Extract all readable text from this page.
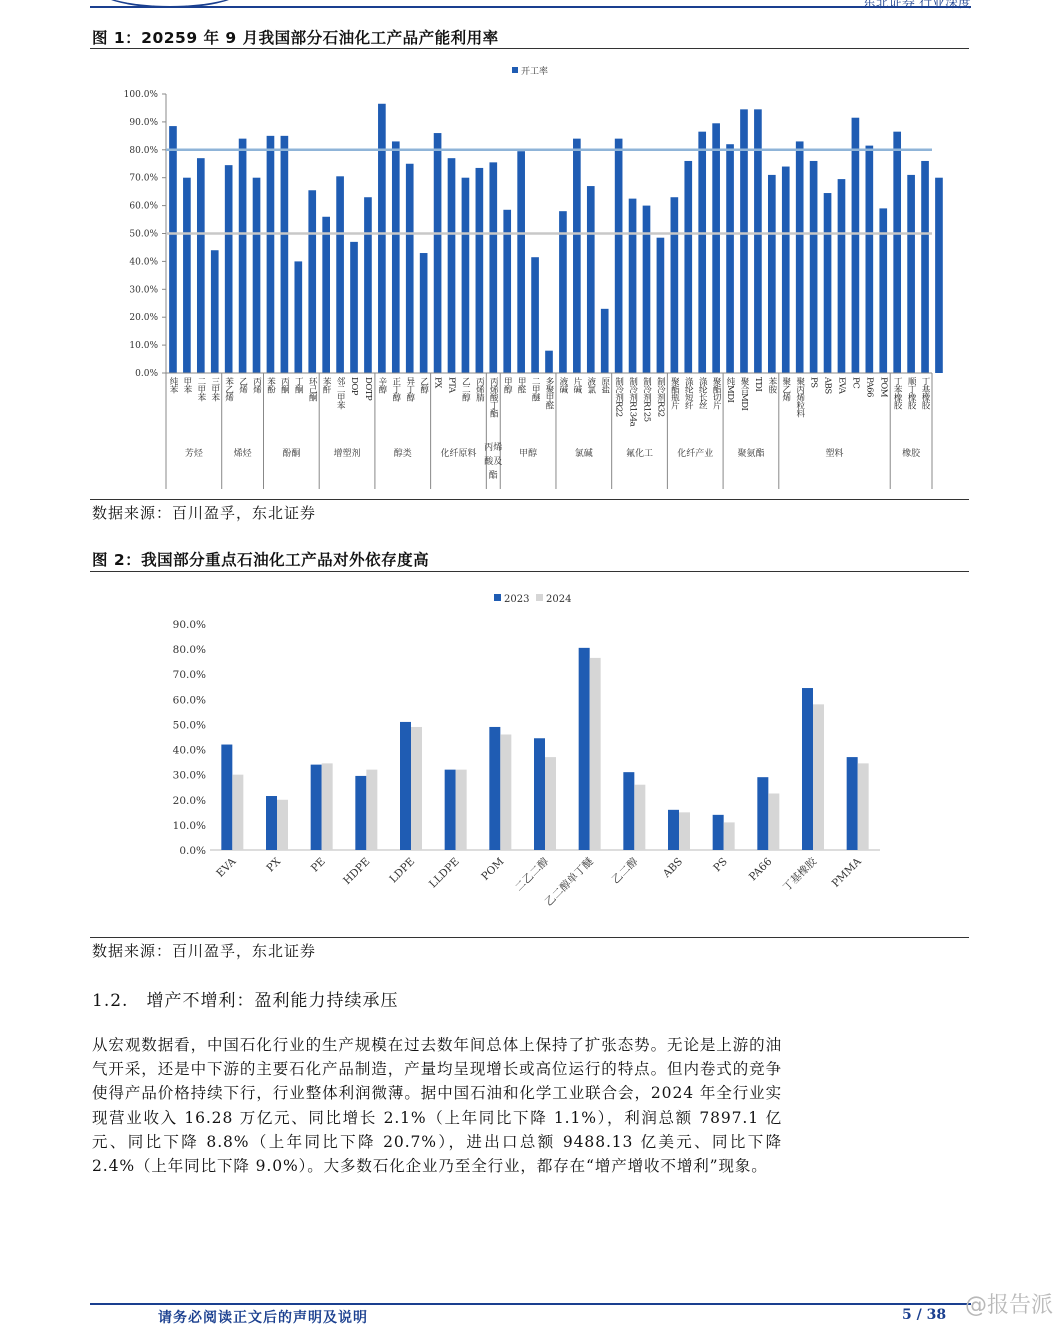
图 1：20259 年 9 月我国部分石油化工产品产能利用率
开工率
0.0%
10.0%
20.0%
30.0%
40.0%
50.0%
60.0%
70.0%
80.0%
90.0%
100.0%
纯苯 甲苯 二甲苯 三甲苯 苯乙烯 乙烯 丙烯 苯酚 丙酮 丁酮 环己酮 苯酐 邻二甲苯 DOP DOTP 辛醇 正丁醇 异丁醇 乙醇 PX PTA 乙二醇 丙烯腈 丙烯酸丁酯 甲醇 甲醛 二甲醚 多聚甲醛 液碱 片碱 液氯 原盐 制冷剂R22 制冷剂R134a 制冷剂R125 制冷剂R32 聚酯瓶片 涤纶短纤 涤纶长丝 聚酯切片 纯MDI 聚合MDI TDI 苯胺 聚乙烯 聚丙烯粒料 PS ABS EVA PC PA66 POM 丁苯橡胶 顺丁橡胶 丁基橡胶
芳烃	烯烃	酚酮	增塑剂	醇类	化纤原料
丙烯
酸及
酯
甲醇	氯碱	氟化工	化纤产业	聚氨酯	塑料	橡胶
数据来源：百川盈孚，东北证券
图 2：我国部分重点石油化工产品对外依存度高
2023 2024
0.0%
10.0%
20.0%
30.0%
40.0%
50.0%
60.0%
70.0%
80.0%
90.0%
EVA PX PE HDPE LDPE LLDPE POM 二乙二醇
乙二醇单丁醚 乙二醇 ABS PS PA66 丁基橡胶 PMMA
数据来源：百川盈孚，东北证券
1.2.　增产不增利：盈利能力持续承压
从宏观数据看，中国石化行业的生产规模在过去数年间总体上保持了扩张态势。无论是上游的油气开采，还是中下游的主要石化产品制造，产量均呈现增长或高位运行的特点。但内卷式的竞争使得产品价格持续下行，行业整体利润微薄。据中国石油和化学工业联合会，2024 年全行业实现营业收入 16.28 万亿元、同比增长 2.1%（上年同比下降 1.1%），利润总额 7897.1 亿元、同比下降 8.8%（上年同比下降 20.7%），进出口总额 9488.13 亿美元、同比下降 2.4%（上年同比下降 9.0%）。大多数石化企业乃至全行业，都存在“增产增收不增利”现象。
请务必阅读正文后的声明及说明	5 / 38 @报告派
